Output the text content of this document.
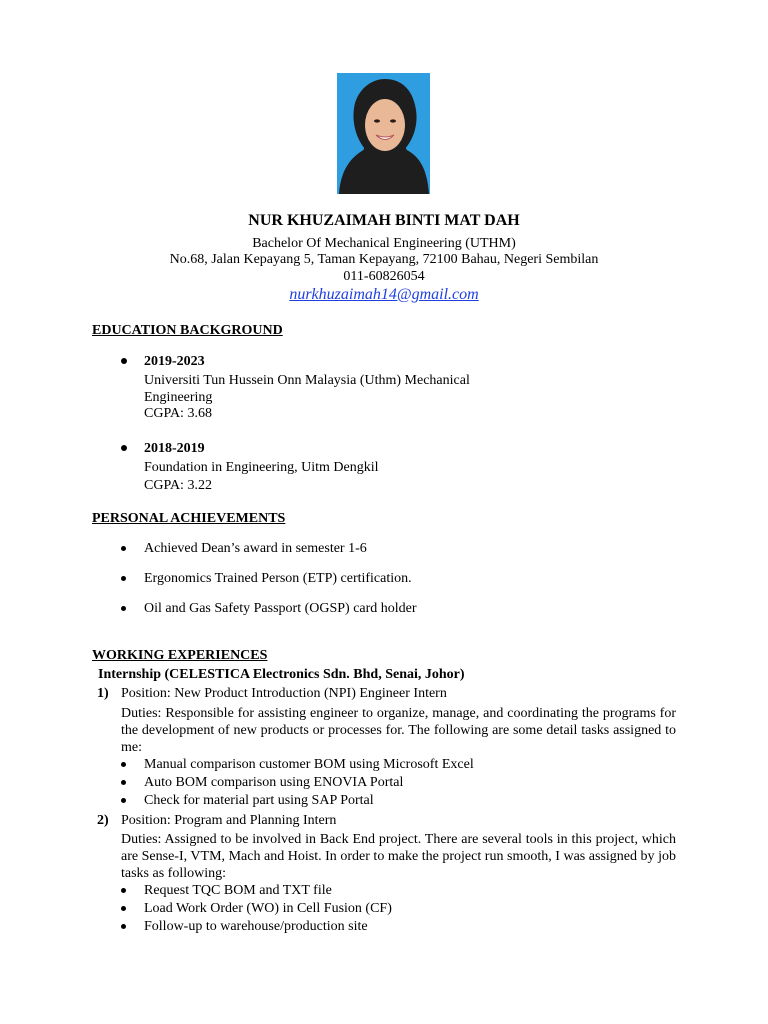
NUR KHUZAIMAH BINTI MAT DAH
Bachelor Of Mechanical Engineering (UTHM)
No.68, Jalan Kepayang 5, Taman Kepayang, 72100 Bahau, Negeri Sembilan
011-60826054
nurkhuzaimah14@gmail.com
EDUCATION BACKGROUND
2019-2023
Universiti Tun Hussein Onn Malaysia (Uthm) Mechanical
Engineering
CGPA: 3.68
2018-2019
Foundation in Engineering, Uitm Dengkil
CGPA: 3.22
PERSONAL ACHIEVEMENTS
Achieved Dean’s award in semester 1-6
Ergonomics Trained Person (ETP) certification.
Oil and Gas Safety Passport (OGSP) card holder
WORKING EXPERIENCES
Internship (CELESTICA Electronics Sdn. Bhd, Senai, Johor)
1) Position: New Product Introduction (NPI) Engineer Intern
Duties: Responsible for assisting engineer to organize, manage, and coordinating the programs for the development of new products or processes for. The following are some detail tasks assigned to me:
Manual comparison customer BOM using Microsoft Excel
Auto BOM comparison using ENOVIA Portal
Check for material part using SAP Portal
2) Position: Program and Planning Intern
Duties: Assigned to be involved in Back End project. There are several tools in this project, which are Sense-I, VTM, Mach and Hoist. In order to make the project run smooth, I was assigned by job tasks as following:
Request TQC BOM and TXT file
Load Work Order (WO) in Cell Fusion (CF)
Follow-up to warehouse/production site
